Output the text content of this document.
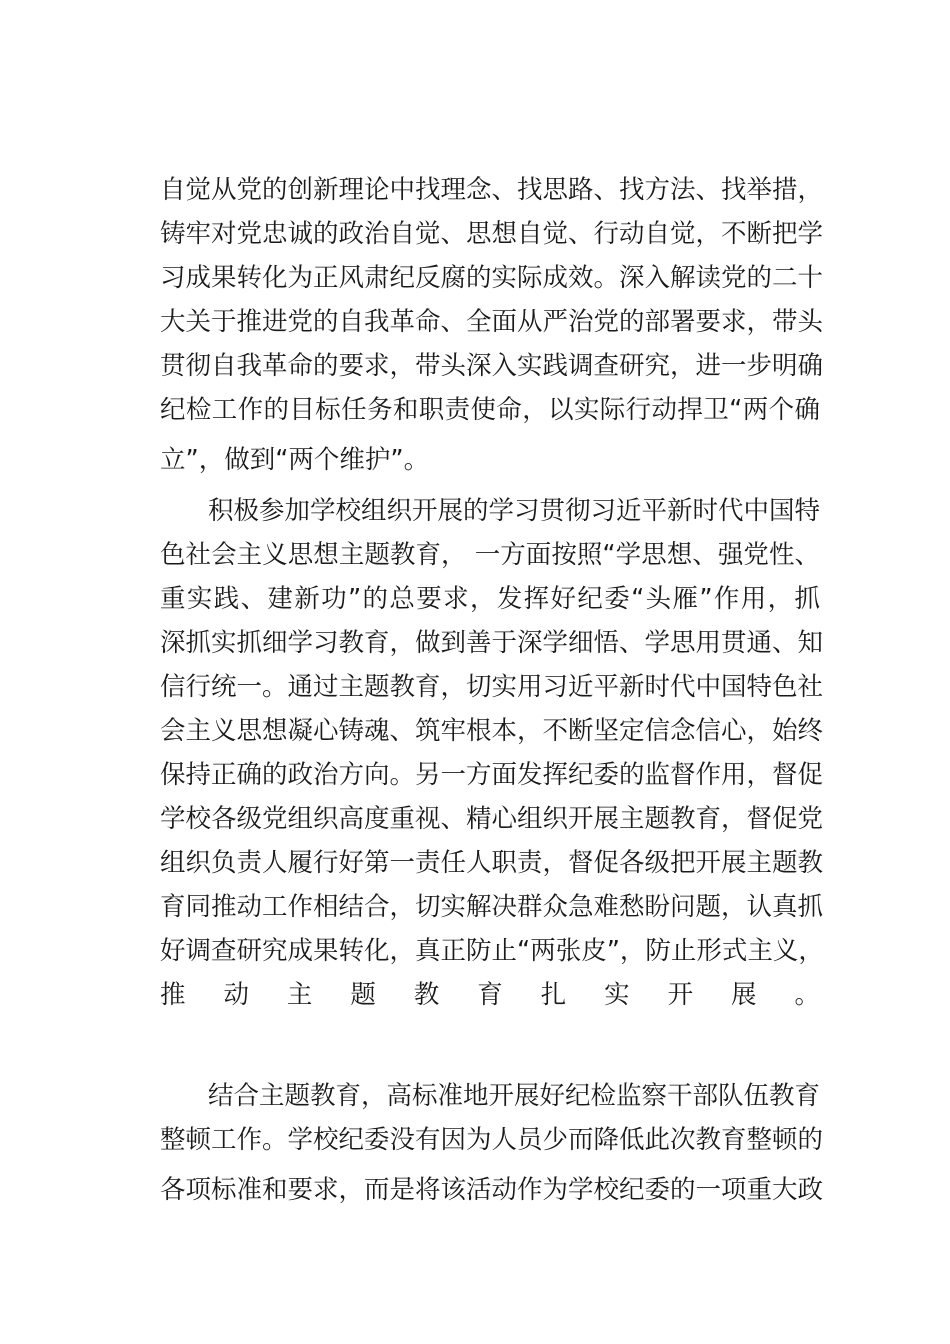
自觉从党的创新理论中找理念、找思路、找方法、找举措，
铸牢对党忠诚的政治自觉、思想自觉、行动自觉，不断把学
习成果转化为正风肃纪反腐的实际成效。深入解读党的二十
大关于推进党的自我革命、全面从严治党的部署要求，带头
贯彻自我革命的要求，带头深入实践调查研究，进一步明确
纪检工作的目标任务和职责使命，以实际行动捍卫“两个确
立”，做到“两个维护”。
积极参加学校组织开展的学习贯彻习近平新时代中国特
色社会主义思想主题教育， 一方面按照“学思想、强党性、
重实践、建新功”的总要求，发挥好纪委“头雁”作用，抓
深抓实抓细学习教育，做到善于深学细悟、学思用贯通、知
信行统一。通过主题教育，切实用习近平新时代中国特色社
会主义思想凝心铸魂、筑牢根本，不断坚定信念信心，始终
保持正确的政治方向。另一方面发挥纪委的监督作用，督促
学校各级党组织高度重视、精心组织开展主题教育，督促党
组织负责人履行好第一责任人职责，督促各级把开展主题教
育同推动工作相结合，切实解决群众急难愁盼问题，认真抓
好调查研究成果转化，真正防止“两张皮”，防止形式主义，
推动主题教育扎实开展。
结合主题教育，高标准地开展好纪检监察干部队伍教育
整顿工作。学校纪委没有因为人员少而降低此次教育整顿的
各项标准和要求，而是将该活动作为学校纪委的一项重大政
